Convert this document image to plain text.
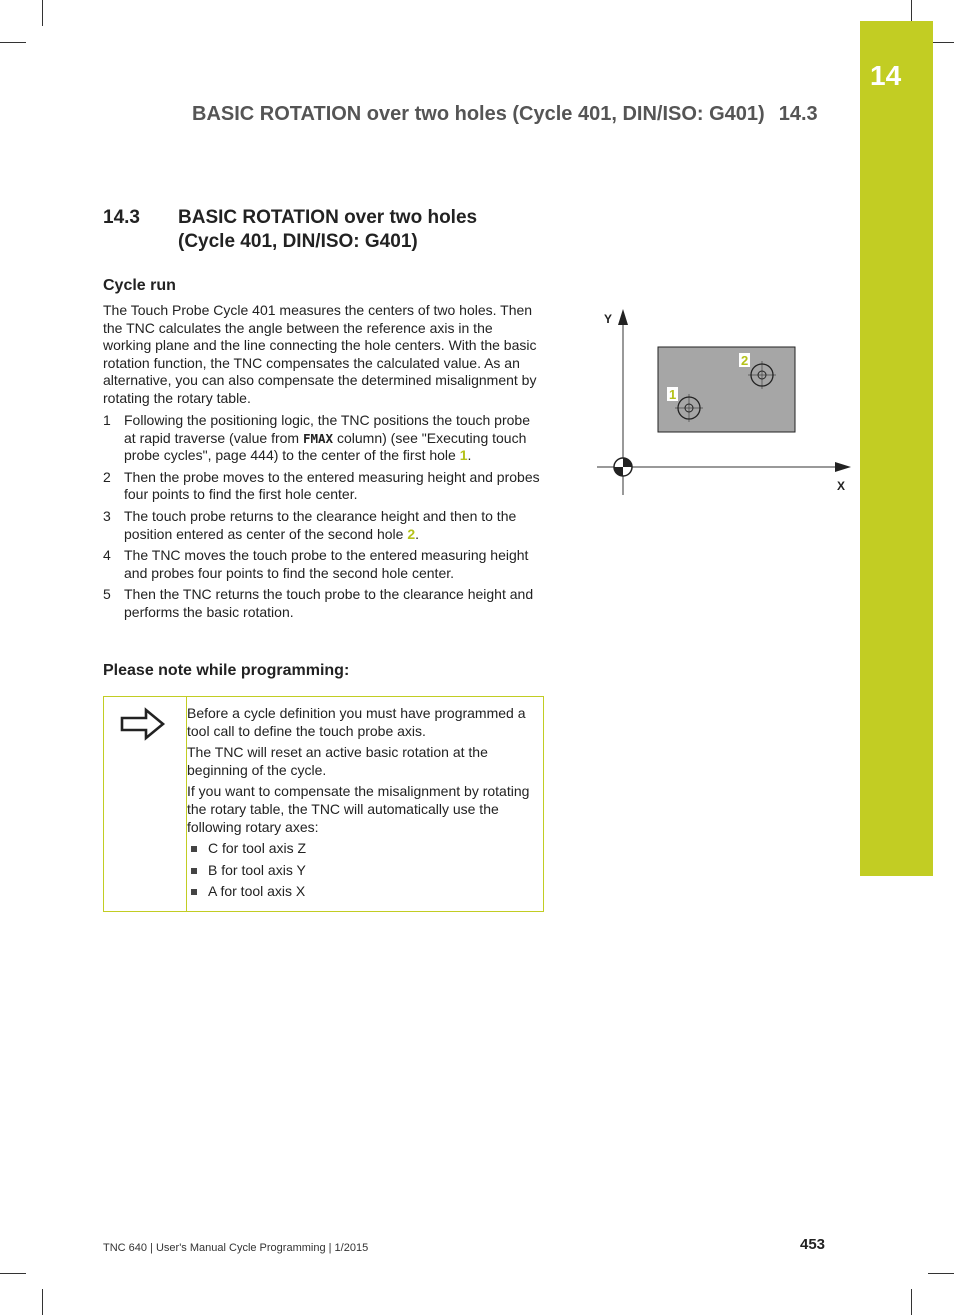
14
BASIC ROTATION over two holes (Cycle 401, DIN/ISO: G401) 14.3
14.3 BASIC ROTATION over two holes
(Cycle 401, DIN/ISO: G401)
Cycle run
The Touch Probe Cycle 401 measures the centers of two holes. Then the TNC calculates the angle between the reference axis in the working plane and the line connecting the hole centers. With the basic rotation function, the TNC compensates the calculated value. As an alternative, you can also compensate the determined misalignment by rotating the rotary table.
1 Following the positioning logic, the TNC positions the touch probe at rapid traverse (value from FMAX column) (see "Executing touch probe cycles", page 444) to the center of the first hole 1.
2 Then the probe moves to the entered measuring height and probes four points to find the first hole center.
3 The touch probe returns to the clearance height and then to the position entered as center of the second hole 2.
4 The TNC moves the touch probe to the entered measuring height and probes four points to find the second hole center.
5 Then the TNC returns the touch probe to the clearance height and performs the basic rotation.
Please note while programming:

Before a cycle definition you must have programmed a tool call to define the touch probe axis.

The TNC will reset an active basic rotation at the beginning of the cycle.

If you want to compensate the misalignment by rotating the rotary table, the TNC will automatically use the following rotary axes:

C for tool axis Z
B for tool axis Y
A for tool axis X
Y
X
1
2
TNC 640 | User's Manual Cycle Programming | 1/2015	453
